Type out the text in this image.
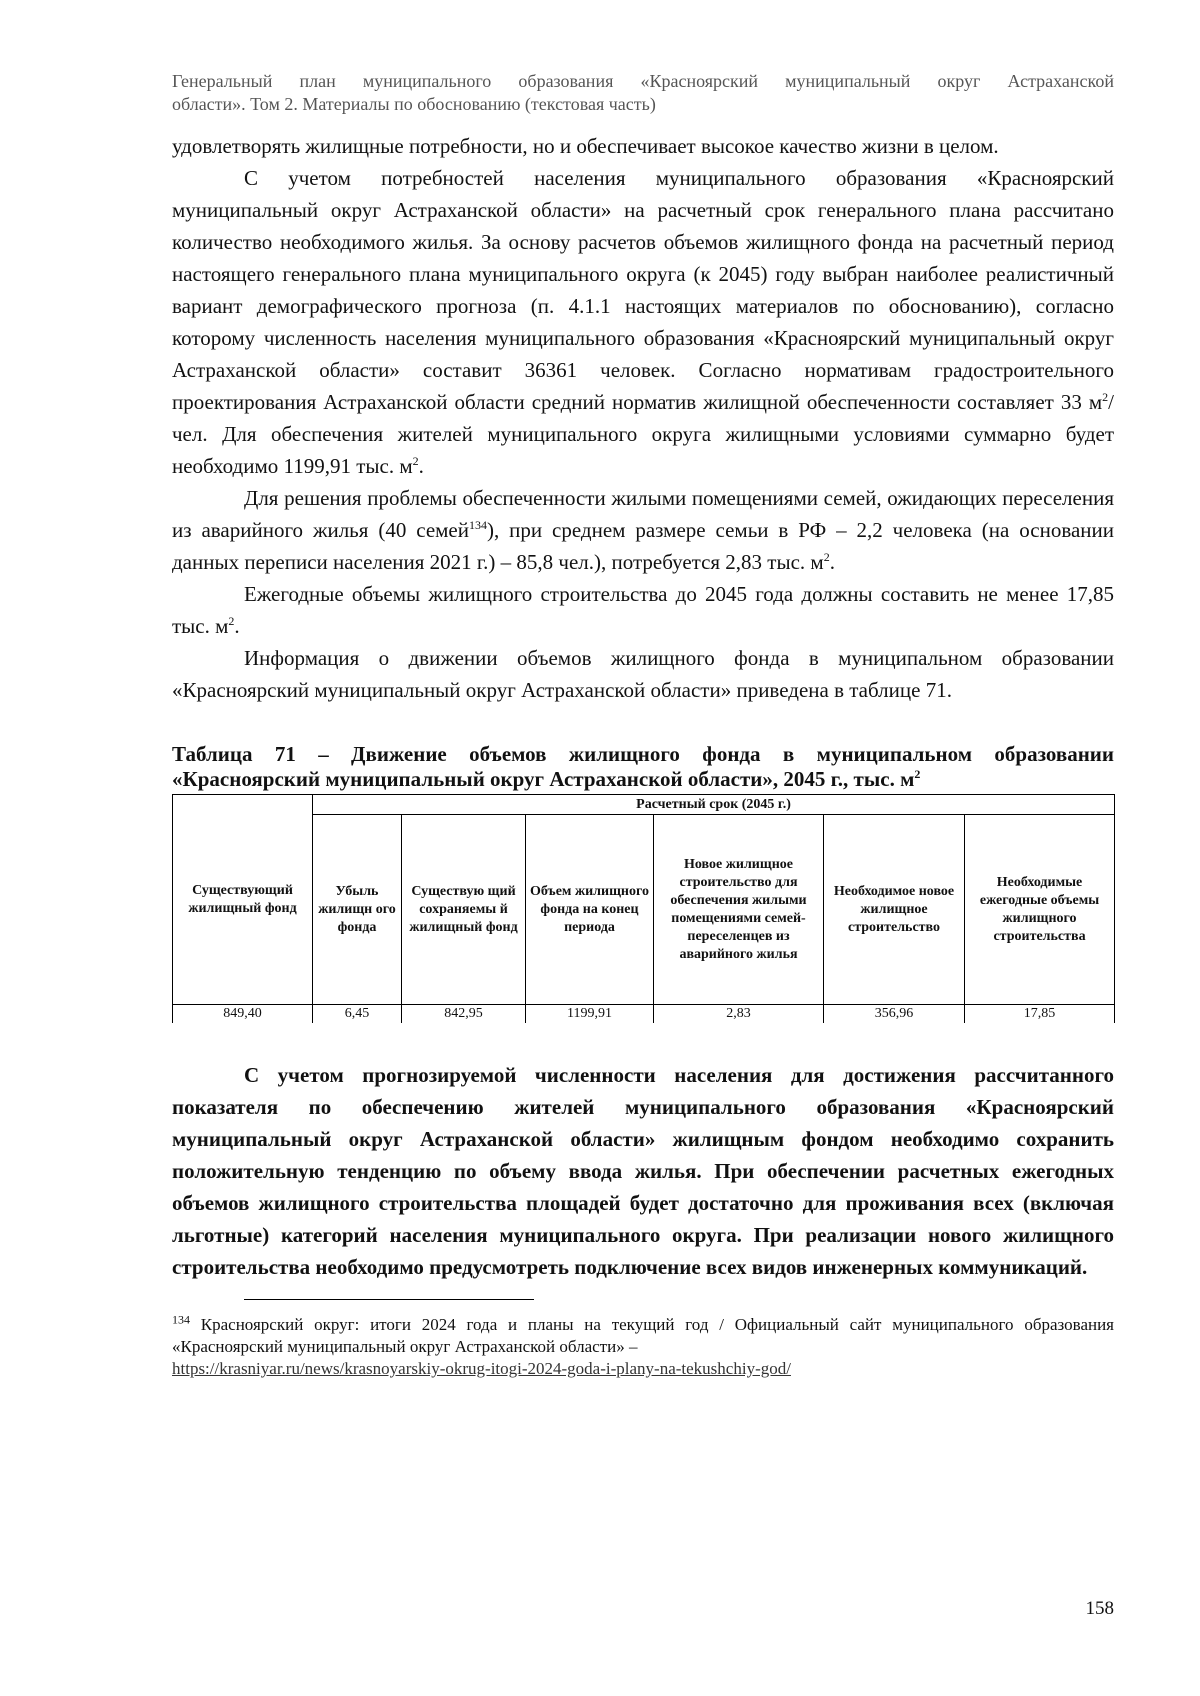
Генеральный план муниципального образования «Красноярский муниципальный округ Астраханской
области». Том 2. Материалы по обоснованию (текстовая часть)

удовлетворять жилищные потребности, но и обеспечивает высокое качество жизни в целом.

С учетом потребностей населения муниципального образования «Красноярский муниципальный округ Астраханской области» на расчетный срок генерального плана рассчитано количество необходимого жилья. За основу расчетов объемов жилищного фонда на расчетный период настоящего генерального плана муниципального округа (к 2045) году выбран наиболее реалистичный вариант демографического прогноза (п. 4.1.1 настоящих материалов по обоснованию), согласно которому численность населения муниципального образования «Красноярский муниципальный округ Астраханской области» составит 36361 человек. Согласно нормативам градостроительного проектирования Астраханской области средний норматив жилищной обеспеченности составляет 33 $м^2$/чел. Для обеспечения жителей муниципального округа жилищными условиями суммарно будет необходимо 1199,91 тыс. $м^2$.

Для решения проблемы обеспеченности жилыми помещениями семей, ожидающих переселения из аварийного жилья (40 семей$^{134}$), при среднем размере семьи в РФ – 2,2 человека (на основании данных переписи населения 2021 г.) – 85,8 чел.), потребуется 2,83 тыс. $м^2$.

Ежегодные объемы жилищного строительства до 2045 года должны составить не менее 17,85 тыс. $м^2$.

Информация о движении объемов жилищного фонда в муниципальном образовании «Красноярский муниципальный округ Астраханской области» приведена в таблице 71.

Таблица 71 – Движение объемов жилищного фонда в муниципальном образовании
«Красноярский муниципальный округ Астраханской области», 2045 г., тыс. $м^2$
Существующий жилищный фонд	Расчетный срок (2045 г.)					
	Убыль жилищн ого фонда	Существую щий сохраняемы й жилищный фонд	Объем жилищного фонда на конец периода	Новое жилищное строительство для обеспечения жилыми помещениями семей-переселенцев из аварийного жилья	Необходимое новое жилищное строительство	Необходимые ежегодные объемы жилищного строительства
849,40	6,45	842,95	1199,91	2,83	356,96	17,85

С учетом прогнозируемой численности населения для достижения рассчитанного показателя по обеспечению жителей муниципального образования «Красноярский муниципальный округ Астраханской области» жилищным фондом необходимо сохранить положительную тенденцию по объему ввода жилья. При обеспечении расчетных ежегодных объемов жилищного строительства площадей будет достаточно для проживания всех (включая льготные) категорий населения муниципального округа. При реализации нового жилищного строительства необходимо предусмотреть подключение всех видов инженерных коммуникаций.

$^{134}$ Красноярский округ: итоги 2024 года и планы на текущий год / Официальный сайт муниципального образования «Красноярский муниципальный округ Астраханской области» –
https://krasniyar.ru/news/krasnoyarskiy-okrug-itogi-2024-goda-i-plany-na-tekushchiy-god/
158
